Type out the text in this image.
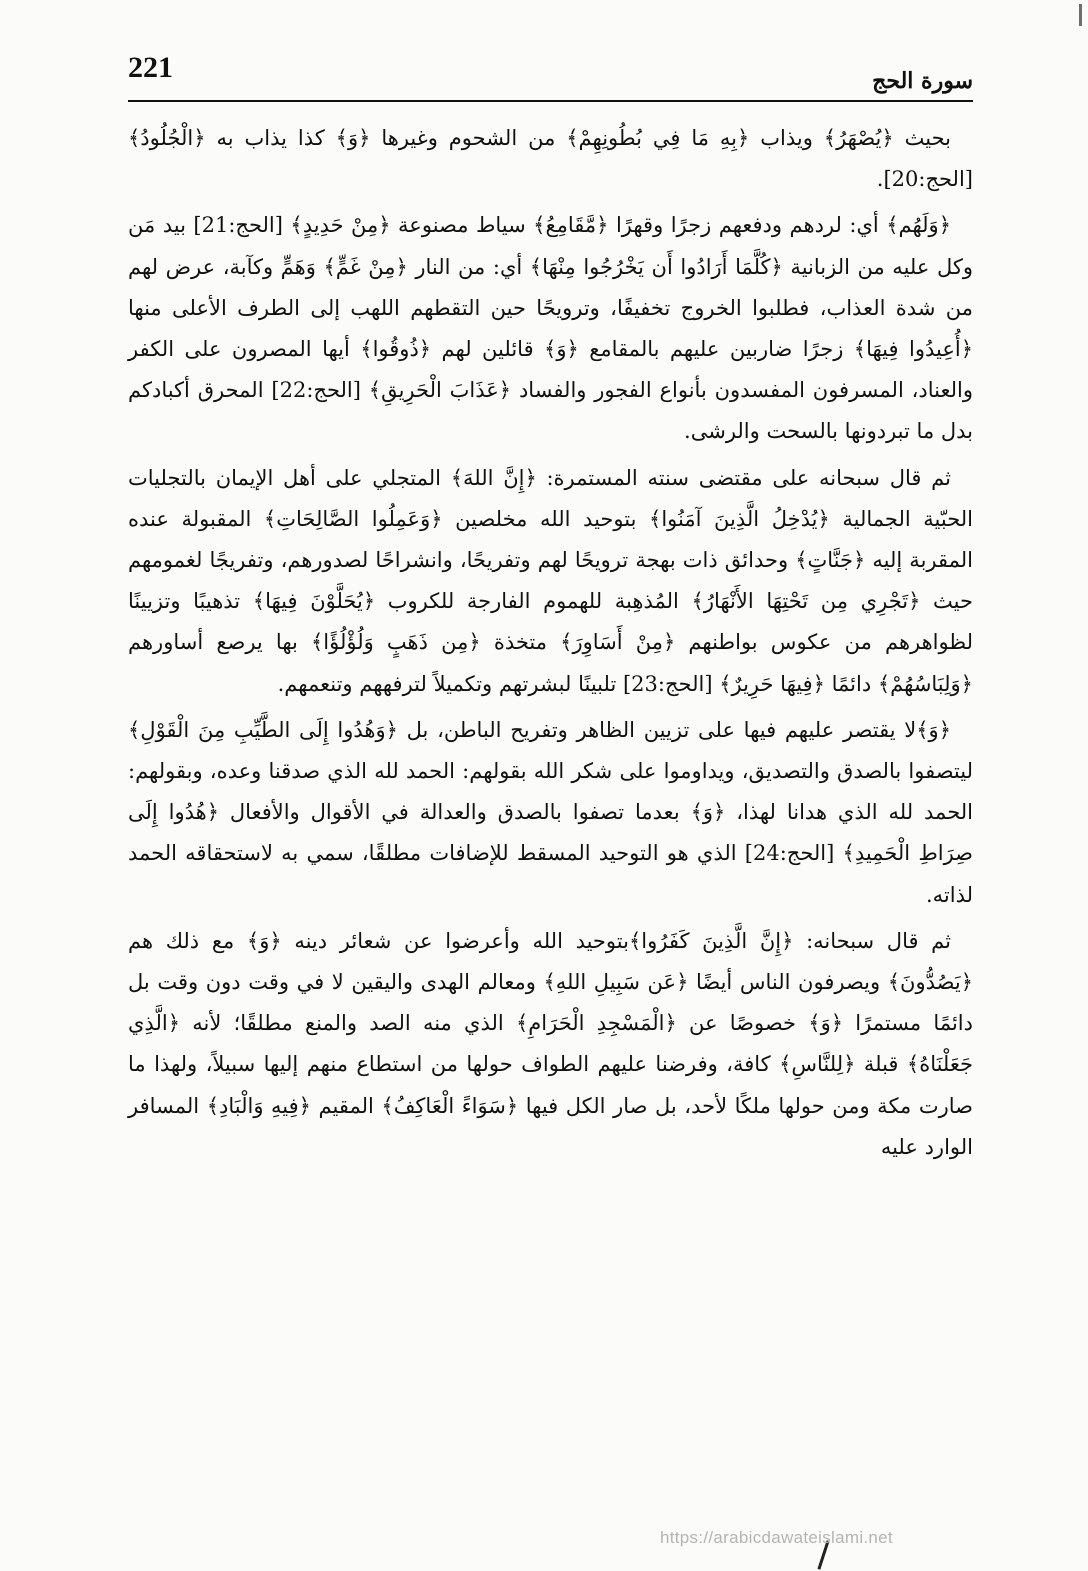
221	سورة الحج

بحيث ﴿يُصْهَرُ﴾ ويذاب ﴿بِهِ مَا فِي بُطُونِهِمْ﴾ من الشحوم وغيرها ﴿وَ﴾ كذا يذاب به ﴿الْجُلُودُ﴾ [الحج:20].

﴿وَلَهُم﴾ أي: لردهم ودفعهم زجرًا وقهرًا ﴿مَّقَامِعُ﴾ سياط مصنوعة ﴿مِنْ حَدِيدٍ﴾ [الحج:21] بيد مَن وكل عليه من الزبانية ﴿كُلَّمَا أَرَادُوا أَن يَخْرُجُوا مِنْهَا﴾ أي: من النار ﴿مِنْ غَمٍّ﴾ وَهَمٍّ وكآبة، عرض لهم من شدة العذاب، فطلبوا الخروج تخفيفًا، وترويحًا حين التقطهم اللهب إلى الطرف الأعلى منها ﴿أُعِيدُوا فِيهَا﴾ زجرًا ضاربين عليهم بالمقامع ﴿وَ﴾ قائلين لهم ﴿ذُوقُوا﴾ أيها المصرون على الكفر والعناد، المسرفون المفسدون بأنواع الفجور والفساد ﴿عَذَابَ الْحَرِيقِ﴾ [الحج:22] المحرق أكبادكم بدل ما تبردونها بالسحت والرشى.

ثم قال سبحانه على مقتضى سنته المستمرة: ﴿إِنَّ اللهَ﴾ المتجلي على أهل الإيمان بالتجليات الحبّية الجمالية ﴿يُدْخِلُ الَّذِينَ آمَنُوا﴾ بتوحيد الله مخلصين ﴿وَعَمِلُوا الصَّالِحَاتِ﴾ المقبولة عنده المقربة إليه ﴿جَنَّاتٍ﴾ وحدائق ذات بهجة ترويحًا لهم وتفريحًا، وانشراحًا لصدورهم، وتفريجًا لغمومهم حيث ﴿تَجْرِي مِن تَحْتِهَا الأَنْهَارُ﴾ المُذهِبة للهموم الفارجة للكروب ﴿يُحَلَّوْنَ فِيهَا﴾ تذهيبًا وتزيينًا لظواهرهم من عكوس بواطنهم ﴿مِنْ أَسَاوِرَ﴾ متخذة ﴿مِن ذَهَبٍ وَلُؤْلُؤًا﴾ بها يرصع أساورهم ﴿وَلِبَاسُهُمْ﴾ دائمًا ﴿فِيهَا حَرِيرٌ﴾ [الحج:23] تلبينًا لبشرتهم وتكميلاً لترفههم وتنعمهم.

﴿وَ﴾لا يقتصر عليهم فيها على تزيين الظاهر وتفريح الباطن، بل ﴿وَهُدُوا إِلَى الطَّيِّبِ مِنَ الْقَوْلِ﴾ ليتصفوا بالصدق والتصديق، ويداوموا على شكر الله بقولهم: الحمد لله الذي صدقنا وعده، وبقولهم: الحمد لله الذي هدانا لهذا، ﴿وَ﴾ بعدما تصفوا بالصدق والعدالة في الأقوال والأفعال ﴿هُدُوا إِلَى صِرَاطِ الْحَمِيدِ﴾ [الحج:24] الذي هو التوحيد المسقط للإضافات مطلقًا، سمي به لاستحقاقه الحمد لذاته.

ثم قال سبحانه: ﴿إِنَّ الَّذِينَ كَفَرُوا﴾بتوحيد الله وأعرضوا عن شعائر دينه ﴿وَ﴾ مع ذلك هم ﴿يَصُدُّونَ﴾ ويصرفون الناس أيضًا ﴿عَن سَبِيلِ اللهِ﴾ ومعالم الهدى واليقين لا في وقت دون وقت بل دائمًا مستمرًا ﴿وَ﴾ خصوصًا عن ﴿الْمَسْجِدِ الْحَرَامِ﴾ الذي منه الصد والمنع مطلقًا؛ لأنه ﴿الَّذِي جَعَلْنَاهُ﴾ قبلة ﴿لِلنَّاسِ﴾ كافة، وفرضنا عليهم الطواف حولها من استطاع منهم إليها سبيلاً، ولهذا ما صارت مكة ومن حولها ملكًا لأحد، بل صار الكل فيها ﴿سَوَاءً الْعَاكِفُ﴾ المقيم ﴿فِيهِ وَالْبَادِ﴾ المسافر الوارد عليه

https://arabicdawateislami.net
